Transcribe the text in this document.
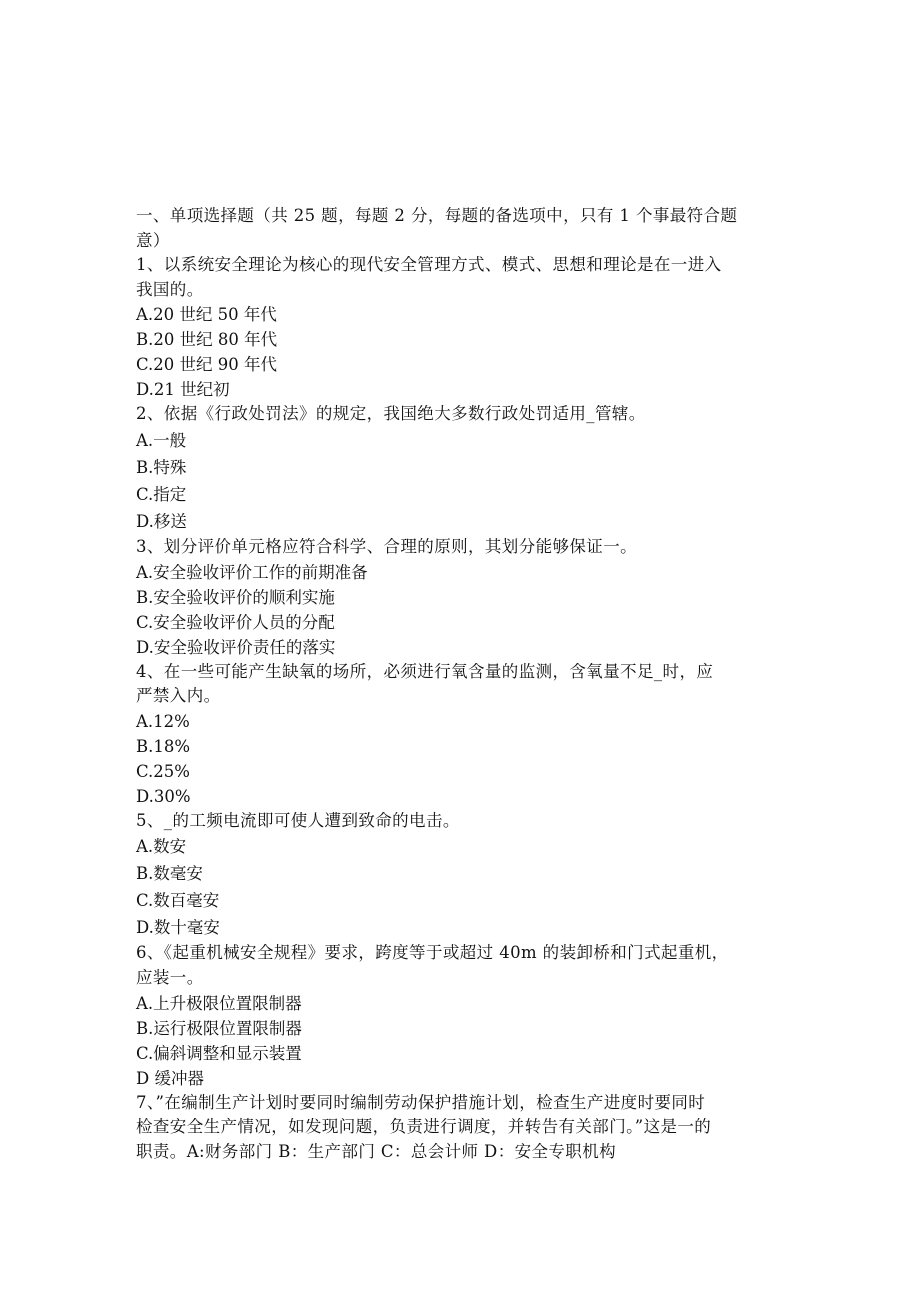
一、单项选择题（共 25 题，每题 2 分，每题的备选项中，只有 1 个事最符合题
意）
1、以系统安全理论为核心的现代安全管理方式、模式、思想和理论是在一进入
我国的。
A.20 世纪 50 年代
B.20 世纪 80 年代
C.20 世纪 90 年代
D.21 世纪初
2、依据《行政处罚法》的规定，我国绝大多数行政处罚适用_管辖。
A.一般
B.特殊
C.指定
D.移送
3、划分评价单元格应符合科学、合理的原则，其划分能够保证一。
A.安全验收评价工作的前期准备
B.安全验收评价的顺利实施
C.安全验收评价人员的分配
D.安全验收评价责任的落实
4、在一些可能产生缺氧的场所，必须进行氧含量的监测，含氧量不足_时，应
严禁入内。
A.12%
B.18%
C.25%
D.30%
5、_的工频电流即可使人遭到致命的电击。
A.数安
B.数毫安
C.数百毫安
D.数十毫安
6、《起重机械安全规程》要求，跨度等于或超过 40m 的装卸桥和门式起重机，
应装一。
A.上升极限位置限制器
B.运行极限位置限制器
C.偏斜调整和显示装置
D 缓冲器
7、”在编制生产计划时要同时编制劳动保护措施计划，检查生产进度时要同时
检查安全生产情况，如发现问题，负责进行调度，并转告有关部门。”这是一的
职责。A:财务部门 B：生产部门 C：总会计师 D：安全专职机构
